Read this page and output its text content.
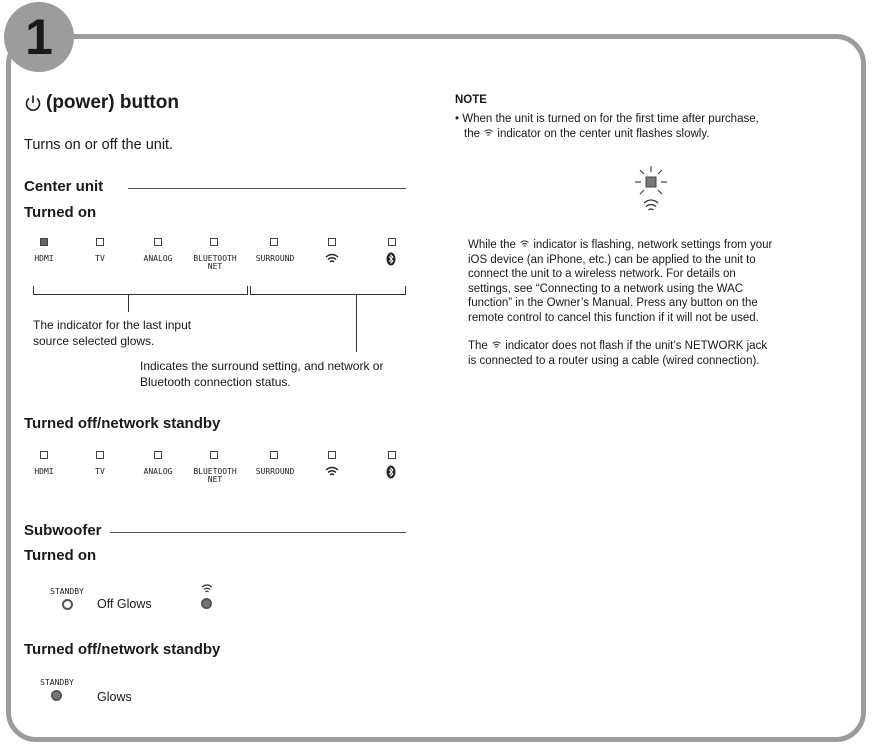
1
(power) button
Turns on or off the unit.
Center unit
Turned on
HDMI	TV	ANALOG	BLUETOOTH
NET
SURROUND
The indicator for the last input
source selected glows.
Indicates the surround setting, and network or
Bluetooth connection status.
Turned off/network standby
HDMI	TV	ANALOG	BLUETOOTH
NET
SURROUND
Subwoofer
Turned on
STANDBY
Off Glows
Turned off/network standby
STANDBY
Glows
NOTE
• When the unit is turned on for the first time after purchase,
the indicator on the center unit flashes slowly.
While the indicator is flashing, network settings from your
iOS device (an iPhone, etc.) can be applied to the unit to
connect the unit to a wireless network. For details on
settings, see “Connecting to a network using the WAC
function” in the Owner’s Manual. Press any button on the
remote control to cancel this function if it will not be used.
The indicator does not flash if the unit’s NETWORK jack
is connected to a router using a cable (wired connection).
